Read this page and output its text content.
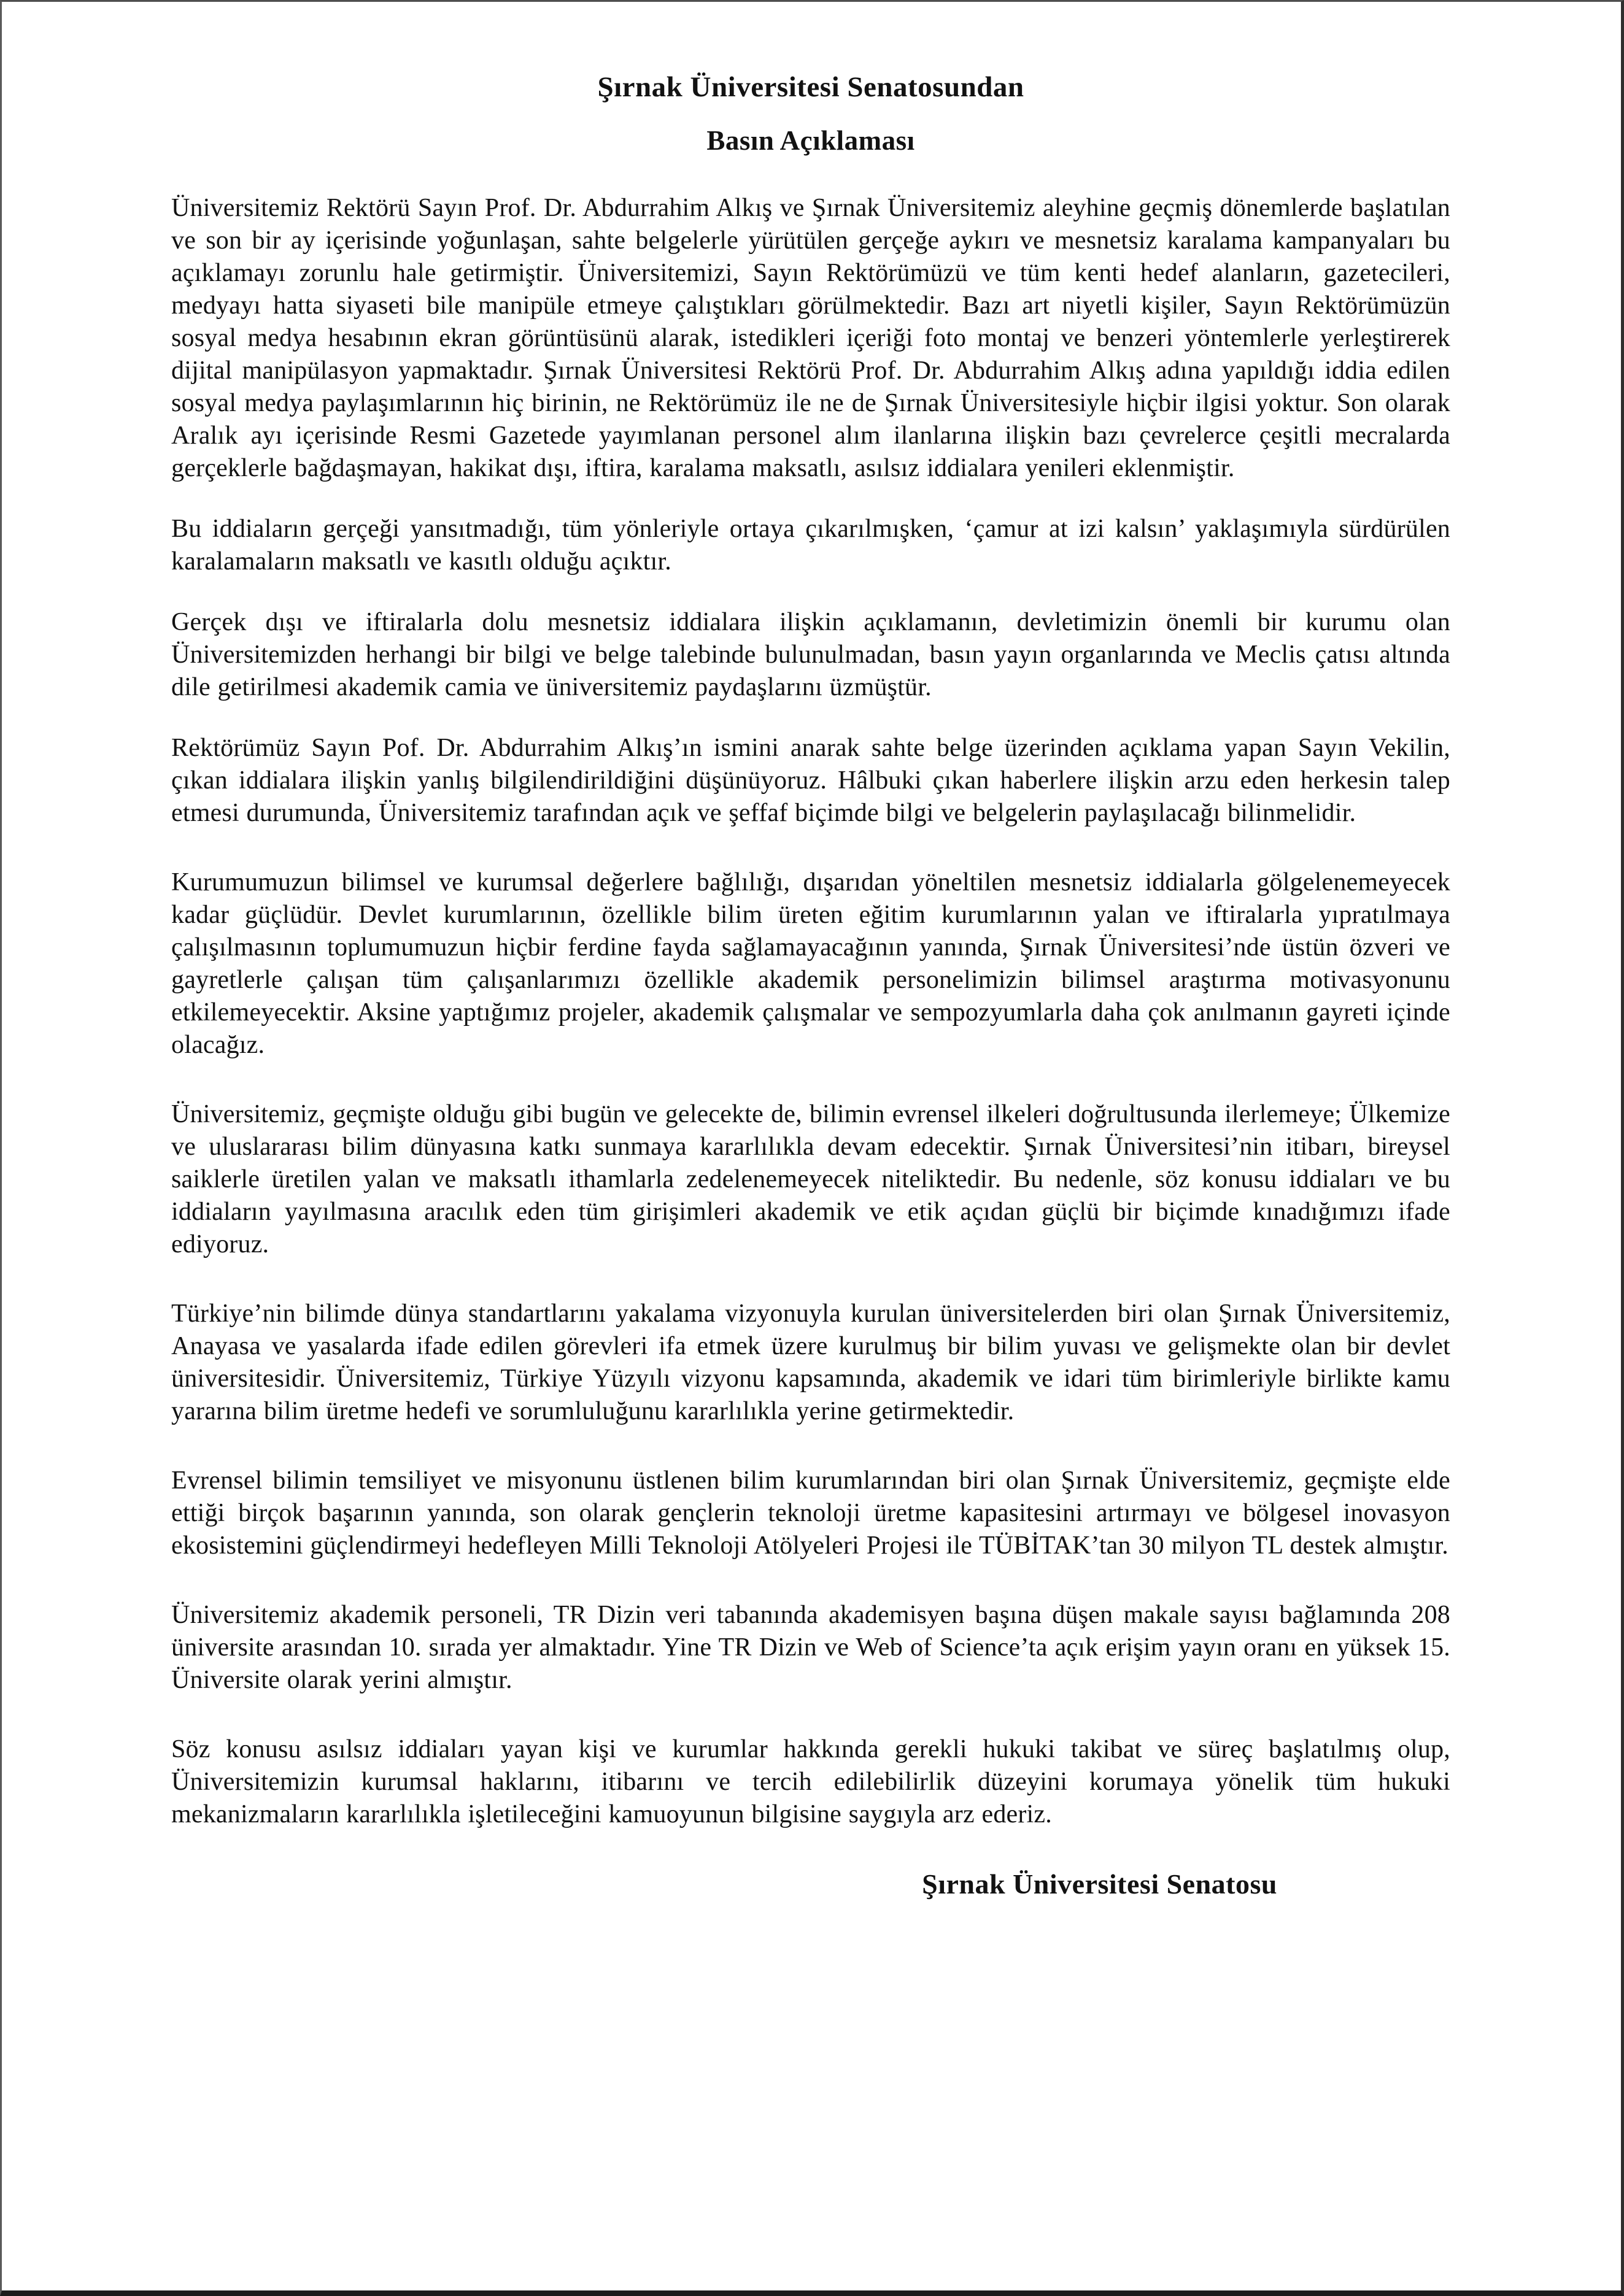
Şırnak Üniversitesi Senatosundan
Basın Açıklaması

Üniversitemiz Rektörü Sayın Prof. Dr. Abdurrahim Alkış ve Şırnak Üniversitemiz aleyhine geçmiş dönemlerde başlatılan ve son bir ay içerisinde yoğunlaşan, sahte belgelerle yürütülen gerçeğe aykırı ve mesnetsiz karalama kampanyaları bu açıklamayı zorunlu hale getirmiştir. Üniversitemizi, Sayın Rektörümüzü ve tüm kenti hedef alanların, gazetecileri, medyayı hatta siyaseti bile manipüle etmeye çalıştıkları görülmektedir. Bazı art niyetli kişiler, Sayın Rektörümüzün sosyal medya hesabının ekran görüntüsünü alarak, istedikleri içeriği foto montaj ve benzeri yöntemlerle yerleştirerek dijital manipülasyon yapmaktadır. Şırnak Üniversitesi Rektörü Prof. Dr. Abdurrahim Alkış adına yapıldığı iddia edilen sosyal medya paylaşımlarının hiç birinin, ne Rektörümüz ile ne de Şırnak Üniversitesiyle hiçbir ilgisi yoktur. Son olarak Aralık ayı içerisinde Resmi Gazetede yayımlanan personel alım ilanlarına ilişkin bazı çevrelerce çeşitli mecralarda gerçeklerle bağdaşmayan, hakikat dışı, iftira, karalama maksatlı, asılsız iddialara yenileri eklenmiştir.

Bu iddiaların gerçeği yansıtmadığı, tüm yönleriyle ortaya çıkarılmışken, ‘çamur at izi kalsın’ yaklaşımıyla sürdürülen karalamaların maksatlı ve kasıtlı olduğu açıktır.

Gerçek dışı ve iftiralarla dolu mesnetsiz iddialara ilişkin açıklamanın, devletimizin önemli bir kurumu olan Üniversitemizden herhangi bir bilgi ve belge talebinde bulunulmadan, basın yayın organlarında ve Meclis çatısı altında dile getirilmesi akademik camia ve üniversitemiz paydaşlarını üzmüştür.

Rektörümüz Sayın Pof. Dr. Abdurrahim Alkış’ın ismini anarak sahte belge üzerinden açıklama yapan Sayın Vekilin, çıkan iddialara ilişkin yanlış bilgilendirildiğini düşünüyoruz. Hâlbuki çıkan haberlere ilişkin arzu eden herkesin talep etmesi durumunda, Üniversitemiz tarafından açık ve şeffaf biçimde bilgi ve belgelerin paylaşılacağı bilinmelidir.

Kurumumuzun bilimsel ve kurumsal değerlere bağlılığı, dışarıdan yöneltilen mesnetsiz iddialarla gölgelenemeyecek kadar güçlüdür. Devlet kurumlarının, özellikle bilim üreten eğitim kurumlarının yalan ve iftiralarla yıpratılmaya çalışılmasının toplumumuzun hiçbir ferdine fayda sağlamayacağının yanında, Şırnak Üniversitesi’nde üstün özveri ve gayretlerle çalışan tüm çalışanlarımızı özellikle akademik personelimizin bilimsel araştırma motivasyonunu etkilemeyecektir. Aksine yaptığımız projeler, akademik çalışmalar ve sempozyumlarla daha çok anılmanın gayreti içinde olacağız.

Üniversitemiz, geçmişte olduğu gibi bugün ve gelecekte de, bilimin evrensel ilkeleri doğrultusunda ilerlemeye; Ülkemize ve uluslararası bilim dünyasına katkı sunmaya kararlılıkla devam edecektir. Şırnak Üniversitesi’nin itibarı, bireysel saiklerle üretilen yalan ve maksatlı ithamlarla zedelenemeyecek niteliktedir. Bu nedenle, söz konusu iddiaları ve bu iddiaların yayılmasına aracılık eden tüm girişimleri akademik ve etik açıdan güçlü bir biçimde kınadığımızı ifade ediyoruz.

Türkiye’nin bilimde dünya standartlarını yakalama vizyonuyla kurulan üniversitelerden biri olan Şırnak Üniversitemiz, Anayasa ve yasalarda ifade edilen görevleri ifa etmek üzere kurulmuş bir bilim yuvası ve gelişmekte olan bir devlet üniversitesidir. Üniversitemiz, Türkiye Yüzyılı vizyonu kapsamında, akademik ve idari tüm birimleriyle birlikte kamu yararına bilim üretme hedefi ve sorumluluğunu kararlılıkla yerine getirmektedir.

Evrensel bilimin temsiliyet ve misyonunu üstlenen bilim kurumlarından biri olan Şırnak Üniversitemiz, geçmişte elde ettiği birçok başarının yanında, son olarak gençlerin teknoloji üretme kapasitesini artırmayı ve bölgesel inovasyon ekosistemini güçlendirmeyi hedefleyen Milli Teknoloji Atölyeleri Projesi ile TÜBİTAK’tan 30 milyon TL destek almıştır.

Üniversitemiz akademik personeli, TR Dizin veri tabanında akademisyen başına düşen makale sayısı bağlamında 208 üniversite arasından 10. sırada yer almaktadır. Yine TR Dizin ve Web of Science’ta açık erişim yayın oranı en yüksek 15. Üniversite olarak yerini almıştır.

Söz konusu asılsız iddiaları yayan kişi ve kurumlar hakkında gerekli hukuki takibat ve süreç başlatılmış olup, Üniversitemizin kurumsal haklarını, itibarını ve tercih edilebilirlik düzeyini korumaya yönelik tüm hukuki mekanizmaların kararlılıkla işletileceğini kamuoyunun bilgisine saygıyla arz ederiz.

Şırnak Üniversitesi Senatosu
